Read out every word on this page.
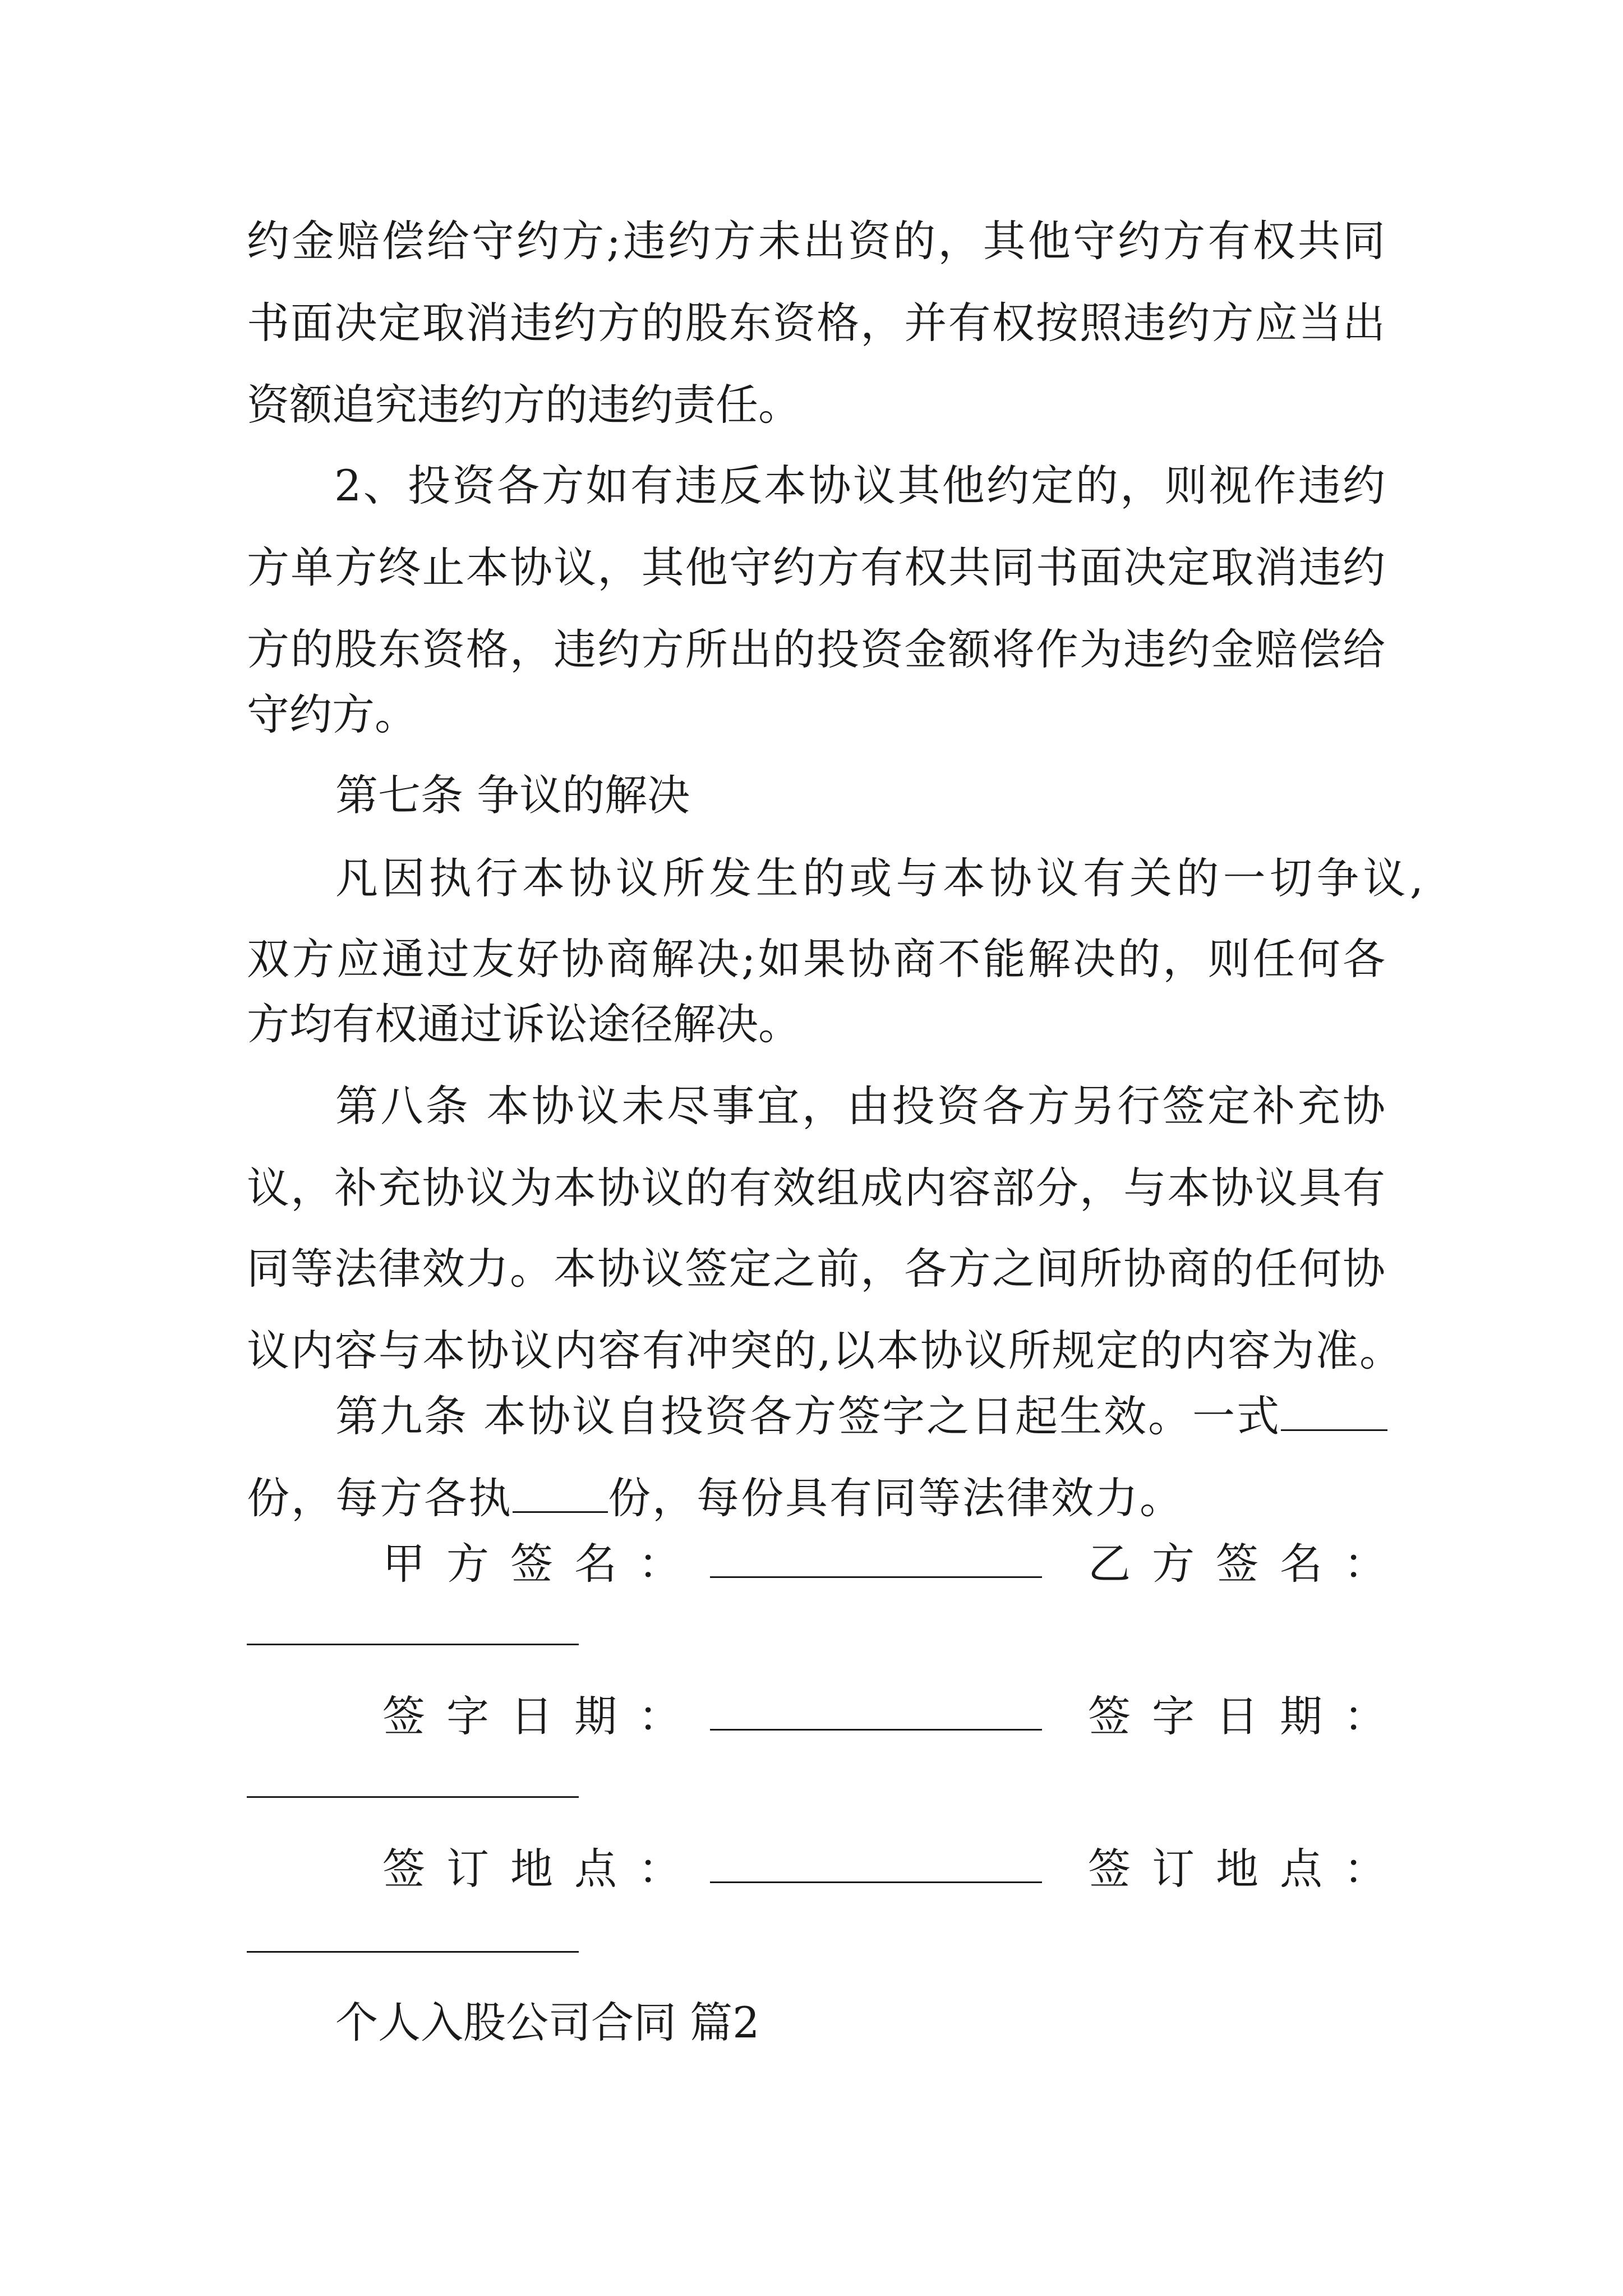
约金赔偿给守约方;违约方未出资的，其他守约方有权共同
书面决定取消违约方的股东资格，并有权按照违约方应当出
资额追究违约方的违约责任。
2、投资各方如有违反本协议其他约定的，则视作违约
方单方终止本协议，其他守约方有权共同书面决定取消违约
方的股东资格，违约方所出的投资金额将作为违约金赔偿给
守约方。
第七条 争议的解决
凡因执行本协议所发生的或与本协议有关的一切争议,
双方应通过友好协商解决;如果协商不能解决的，则任何各
方均有权通过诉讼途径解决。
第八条 本协议未尽事宜，由投资各方另行签定补充协
议，补充协议为本协议的有效组成内容部分，与本协议具有
同等法律效力。本协议签定之前，各方之间所协商的任何协
议内容与本协议内容有冲突的,以本协议所规定的内容为准。
第九条 本协议自投资各方签字之日起生效。一式
份，每方各执 份，每份具有同等法律效力。
甲方签名：	乙方签名：
签字日期：	签字日期：
签订地点：	签订地点：
个人入股公司合同 篇2
